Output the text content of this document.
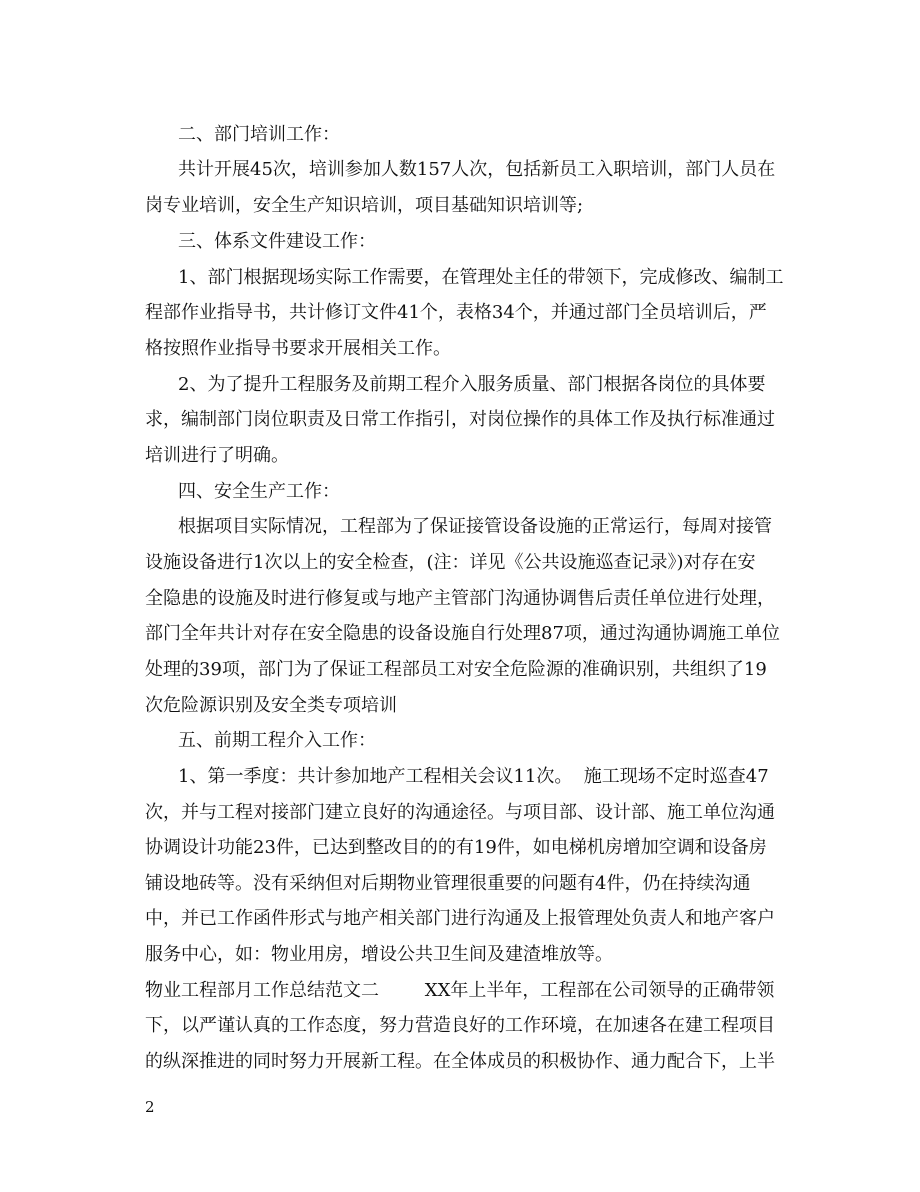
二、部门培训工作：
共计开展45次，培训参加人数157人次，包括新员工入职培训，部门人员在
岗专业培训，安全生产知识培训，项目基础知识培训等;
三、体系文件建设工作：
1、部门根据现场实际工作需要，在管理处主任的带领下，完成修改、编制工
程部作业指导书，共计修订文件41个，表格34个，并通过部门全员培训后，严
格按照作业指导书要求开展相关工作。
2、为了提升工程服务及前期工程介入服务质量、部门根据各岗位的具体要
求，编制部门岗位职责及日常工作指引，对岗位操作的具体工作及执行标准通过
培训进行了明确。
四、安全生产工作：
根据项目实际情况，工程部为了保证接管设备设施的正常运行，每周对接管
设施设备进行1次以上的安全检查，(注：详见《公共设施巡查记录》)对存在安
全隐患的设施及时进行修复或与地产主管部门沟通协调售后责任单位进行处理，
部门全年共计对存在安全隐患的设备设施自行处理87项，通过沟通协调施工单位
处理的39项，部门为了保证工程部员工对安全危险源的准确识别，共组织了19
次危险源识别及安全类专项培训
五、前期工程介入工作：
1、第一季度：共计参加地产工程相关会议11次。  施工现场不定时巡查47
次，并与工程对接部门建立良好的沟通途径。与项目部、设计部、施工单位沟通
协调设计功能23件，已达到整改目的的有19件，如电梯机房增加空调和设备房
铺设地砖等。没有采纳但对后期物业管理很重要的问题有4件，仍在持续沟通
中，并已工作函件形式与地产相关部门进行沟通及上报管理处负责人和地产客户
服务中心，如：物业用房，增设公共卫生间及建渣堆放等。
物业工程部月工作总结范文二        XX年上半年，工程部在公司领导的正确带领
下，以严谨认真的工作态度，努力营造良好的工作环境，在加速各在建工程项目
的纵深推进的同时努力开展新工程。在全体成员的积极协作、通力配合下，上半
2
